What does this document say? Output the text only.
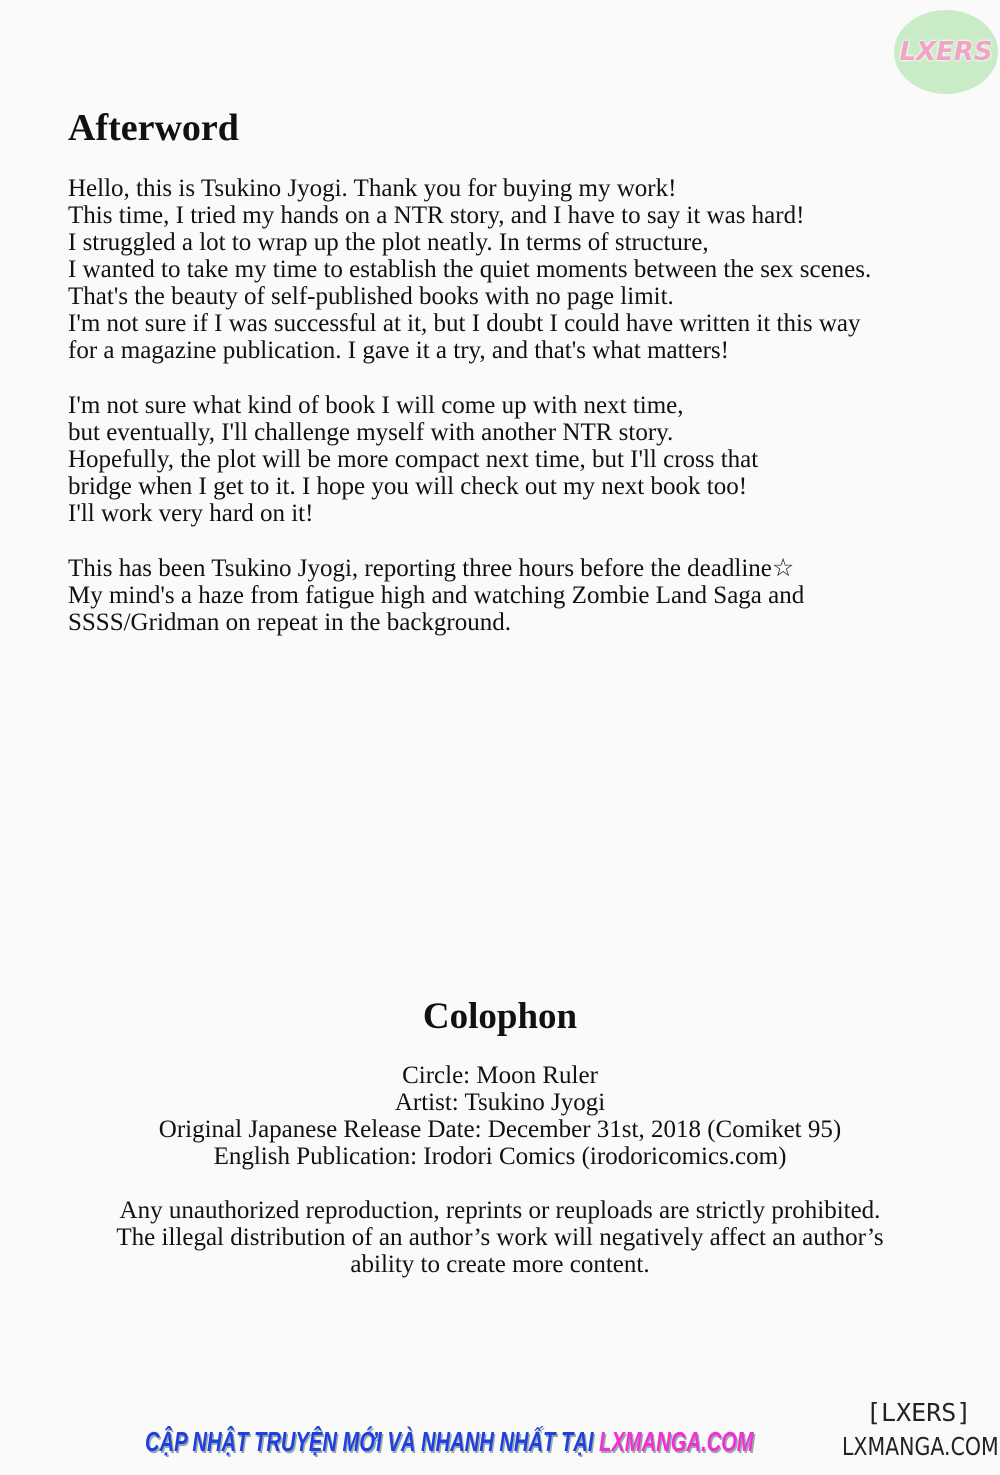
LXERS
Afterword

Hello, this is Tsukino Jyogi. Thank you for buying my work!
This time, I tried my hands on a NTR story, and I have to say it was hard!
I struggled a lot to wrap up the plot neatly. In terms of structure,
I wanted to take my time to establish the quiet moments between the sex scenes.
That's the beauty of self-published books with no page limit.
I'm not sure if I was successful at it, but I doubt I could have written it this way
for a magazine publication. I gave it a try, and that's what matters!

I'm not sure what kind of book I will come up with next time,
but eventually, I'll challenge myself with another NTR story.
Hopefully, the plot will be more compact next time, but I'll cross that
bridge when I get to it. I hope you will check out my next book too!
I'll work very hard on it!

This has been Tsukino Jyogi, reporting three hours before the deadline☆
My mind's a haze from fatigue high and watching Zombie Land Saga and
SSSS/Gridman on repeat in the background.

Colophon

Circle: Moon Ruler

Artist: Tsukino Jyogi

Original Japanese Release Date: December 31st, 2018 (Comiket 95)

English Publication: Irodori Comics (irodoricomics.com)

Any unauthorized reproduction, reprints or reuploads are strictly prohibited.

The illegal distribution of an author’s work will negatively affect an author’s

ability to create more content.

CẬP NHẬT TRUYỆN MỚI VÀ NHANH NHẤT TẠI LXMANGA.COM
[LXERS]
LXMANGA.COM
